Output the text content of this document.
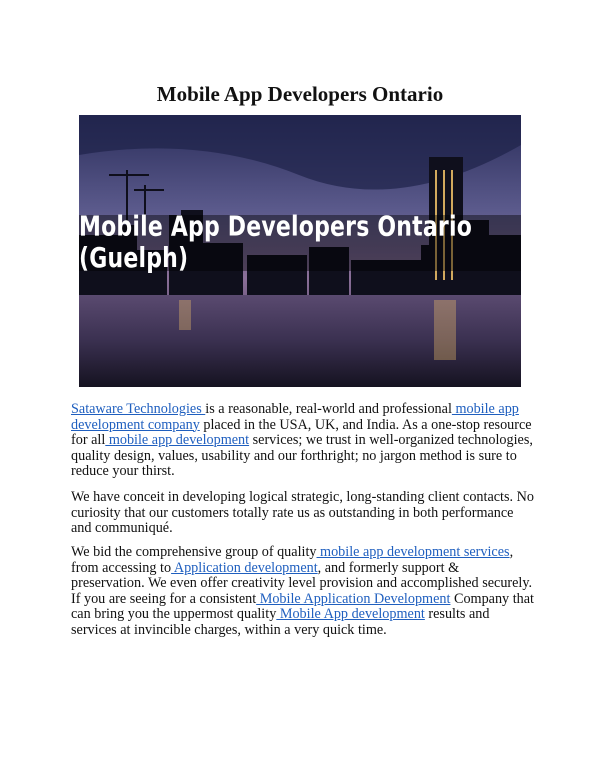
Mobile App Developers Ontario
Mobile App Developers Ontario (Guelph)

Sataware Technologies is a reasonable, real-world and professional mobile app development company placed in the USA, UK, and India. As a one-stop resource for all mobile app development services; we trust in well-organized technologies, quality design, values, usability and our forthright; no jargon method is sure to reduce your thirst.

We have conceit in developing logical strategic, long-standing client contacts. No curiosity that our customers totally rate us as outstanding in both performance and communiqué.

We bid the comprehensive group of quality mobile app development services, from accessing to Application development, and formerly support & preservation. We even offer creativity level provision and accomplished securely. If you are seeing for a consistent Mobile Application Development Company that can bring you the uppermost quality Mobile App development results and services at invincible charges, within a very quick time.
